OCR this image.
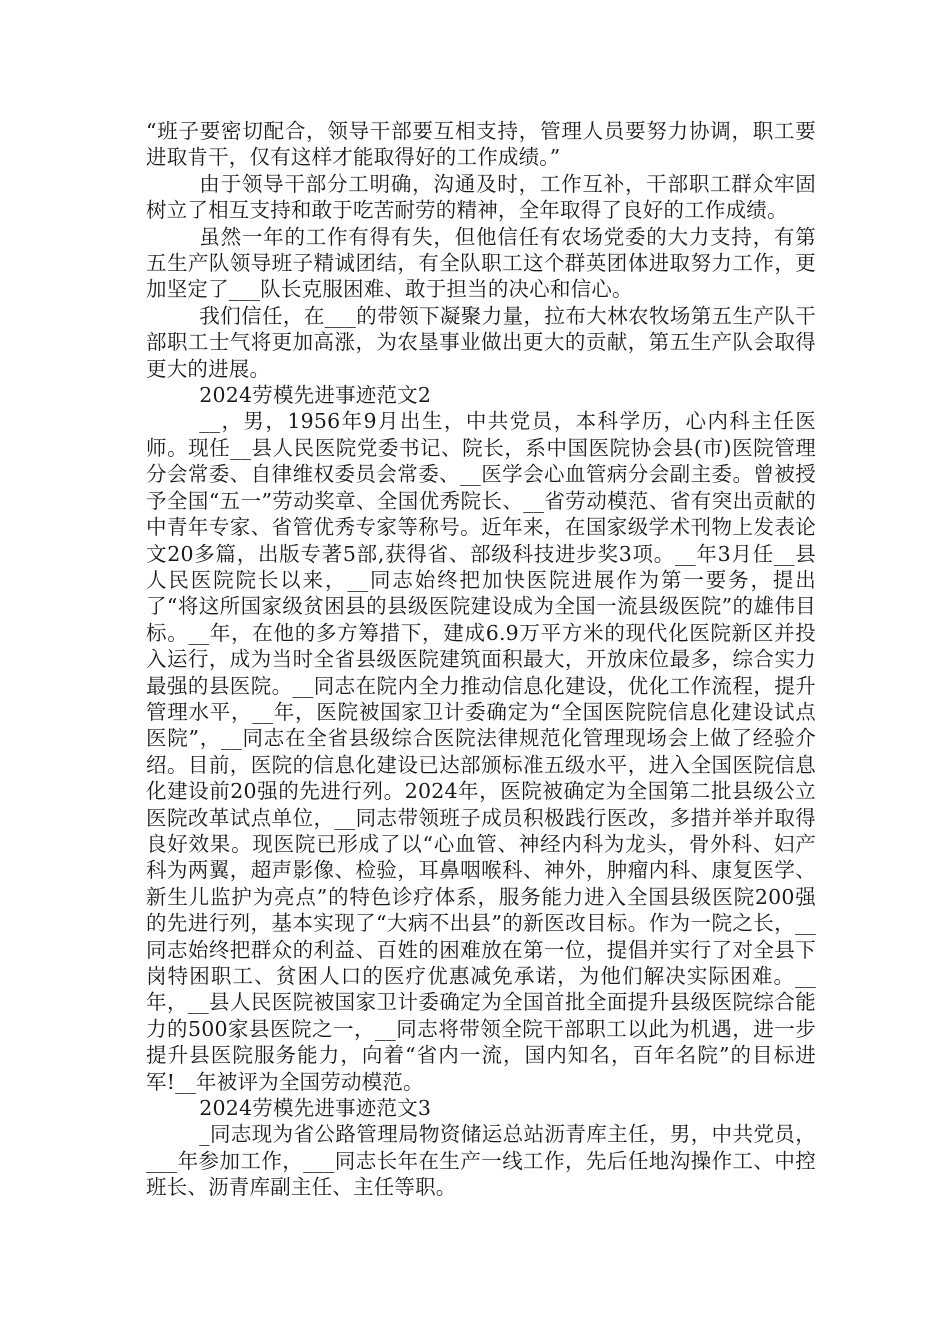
“班子要密切配合，领导干部要互相支持，管理人员要努力协调，职工要进取肯干，仅有这样才能取得好的工作成绩。”

由于领导干部分工明确，沟通及时，工作互补，干部职工群众牢固树立了相互支持和敢于吃苦耐劳的精神，全年取得了良好的工作成绩。

虽然一年的工作有得有失，但他信任有农场党委的大力支持，有第五生产队领导班子精诚团结，有全队职工这个群英团体进取努力工作，更加坚定了___队长克服困难、敢于担当的决心和信心。

我们信任，在___的带领下凝聚力量，拉布大林农牧场第五生产队干部职工士气将更加高涨，为农垦事业做出更大的贡献，第五生产队会取得更大的进展。

2024劳模先进事迹范文2

__，男，1956年9月出生，中共党员，本科学历，心内科主任医师。现任__县人民医院党委书记、院长，系中国医院协会县(市)医院管理分会常委、自律维权委员会常委、__医学会心血管病分会副主委。曾被授予全国“五一”劳动奖章、全国优秀院长、__省劳动模范、省有突出贡献的中青年专家、省管优秀专家等称号。近年来，在国家级学术刊物上发表论文20多篇，出版专著5部,获得省、部级科技进步奖3项。__年3月任__县人民医院院长以来，__同志始终把加快医院进展作为第一要务，提出了“将这所国家级贫困县的县级医院建设成为全国一流县级医院”的雄伟目标。__年，在他的多方筹措下，建成6.9万平方米的现代化医院新区并投入运行，成为当时全省县级医院建筑面积最大，开放床位最多，综合实力最强的县医院。__同志在院内全力推动信息化建设，优化工作流程，提升管理水平，__年，医院被国家卫计委确定为“全国医院院信息化建设试点医院”，__同志在全省县级综合医院法律规范化管理现场会上做了经验介绍。目前，医院的信息化建设已达部颁标准五级水平，进入全国医院信息化建设前20强的先进行列。2024年，医院被确定为全国第二批县级公立医院改革试点单位，__同志带领班子成员积极践行医改，多措并举并取得良好效果。现医院已形成了以“心血管、神经内科为龙头，骨外科、妇产科为两翼，超声影像、检验，耳鼻咽喉科、神外，肿瘤内科、康复医学、新生儿监护为亮点”的特色诊疗体系，服务能力进入全国县级医院200强的先进行列，基本实现了“大病不出县”的新医改目标。作为一院之长，__同志始终把群众的利益、百姓的困难放在第一位，提倡并实行了对全县下岗特困职工、贫困人口的医疗优惠减免承诺，为他们解决实际困难。__年，__县人民医院被国家卫计委确定为全国首批全面提升县级医院综合能力的500家县医院之一，__同志将带领全院干部职工以此为机遇，进一步提升县医院服务能力，向着“省内一流，国内知名，百年名院”的目标进军!__年被评为全国劳动模范。

2024劳模先进事迹范文3

_同志现为省公路管理局物资储运总站沥青库主任，男，中共党员，___年参加工作，___同志长年在生产一线工作，先后任地沟操作工、中控班长、沥青库副主任、主任等职。
